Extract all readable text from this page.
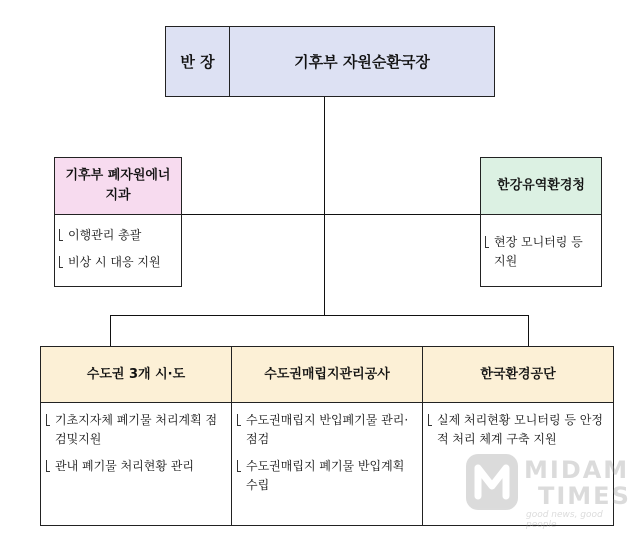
반 장	기후부 자원순환국장
기후부 폐자원에너지과
이행관리 총괄
비상 시 대응 지원
한강유역환경청
현장 모니터링 등 지원
수도권 3개 시·도
기초지자체 폐기물 처리계획 점검및지원
관내 폐기물 처리현황 관리
수도권매립지관리공사
수도권매립지 반입폐기물 관리·점검
수도권매립지 폐기물 반입계획 수립
한국환경공단
실제 처리현황 모니터링 등 안정적 처리 체계 구축 지원
MIDAM
TIMES
good news, good people
